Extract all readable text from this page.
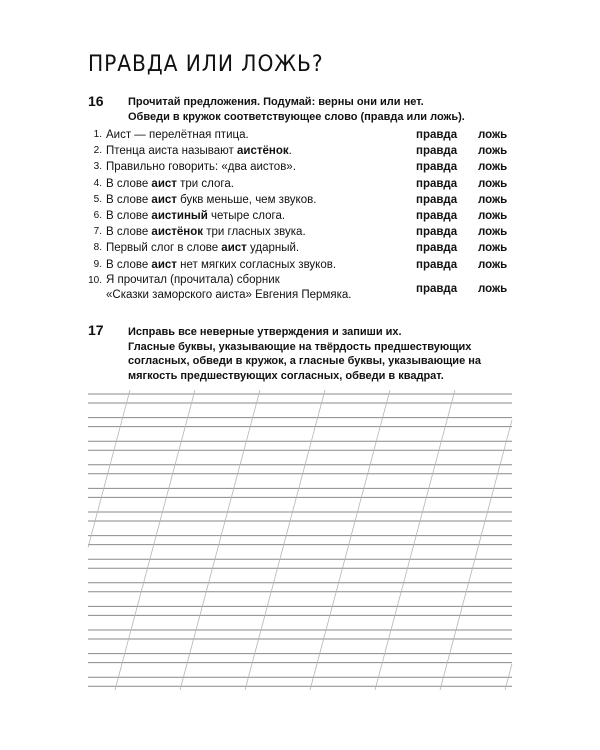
ПРАВДА ИЛИ ЛОЖЬ?
16 Прочитай предложения. Подумай: верны они или нет.

Обведи в кружок соответствующее слово (правда или ложь).

1. Аист — перелётная птица.	правда ложь
2. Птенца аиста называют аистёнок.	правда ложь
3. Правильно говорить: «два аистов».	правда ложь
4. В слове аист три слога.	правда ложь
5. В слове аист букв меньше, чем звуков.	правда ложь
6. В слове аистиный четыре слога.	правда ложь
7. В слове аистёнок три гласных звука.	правда ложь
8. Первый слог в слове аист ударный.	правда ложь
9. В слове аист нет мягких согласных звуков.	правда ложь
10. Я прочитал (прочитала) сборник
«Сказки заморского аиста» Евгения Пермяка.
правда ложь
17 Исправь все неверные утверждения и запиши их.

Гласные буквы, указывающие на твёрдость предшествующих

согласных, обведи в кружок, а гласные буквы, указывающие на

мягкость предшествующих согласных, обведи в квадрат.
